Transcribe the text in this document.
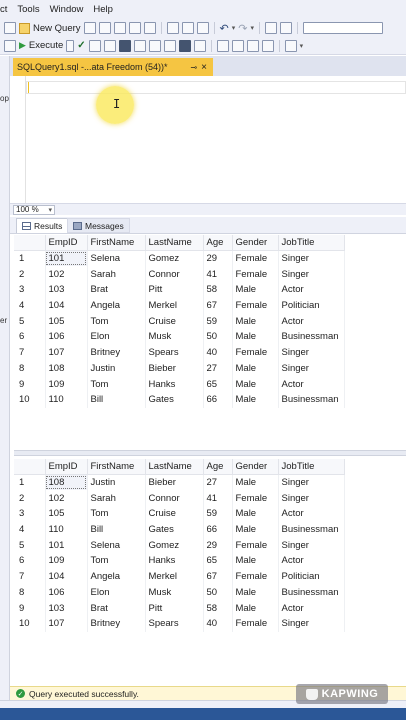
ct	Tools	Window	Help
New Query	↶ ▾ ↷ ▾
▶ Execute ✓	▾
op
er
SQLQuery1.sql -...ata Freedom (54))*	⊸ ×
I
100 % ▾
Results	Messages
	EmpID	FirstName	LastName	Age	Gender	JobTitle
1	101	Selena	Gomez	29	Female	Singer
2	102	Sarah	Connor	41	Female	Singer
3	103	Brat	Pitt	58	Male	Actor
4	104	Angela	Merkel	67	Female	Politician
5	105	Tom	Cruise	59	Male	Actor
6	106	Elon	Musk	50	Male	Businessman
7	107	Britney	Spears	40	Female	Singer
8	108	Justin	Bieber	27	Male	Singer
9	109	Tom	Hanks	65	Male	Actor
10	110	Bill	Gates	66	Male	Businessman
	EmpID	FirstName	LastName	Age	Gender	JobTitle
1	108	Justin	Bieber	27	Male	Singer
2	102	Sarah	Connor	41	Female	Singer
3	105	Tom	Cruise	59	Male	Actor
4	110	Bill	Gates	66	Male	Businessman
5	101	Selena	Gomez	29	Female	Singer
6	109	Tom	Hanks	65	Male	Actor
7	104	Angela	Merkel	67	Female	Politician
8	106	Elon	Musk	50	Male	Businessman
9	103	Brat	Pitt	58	Male	Actor
10	107	Britney	Spears	40	Female	Singer
✓ Query executed successfully.	KAPWING
